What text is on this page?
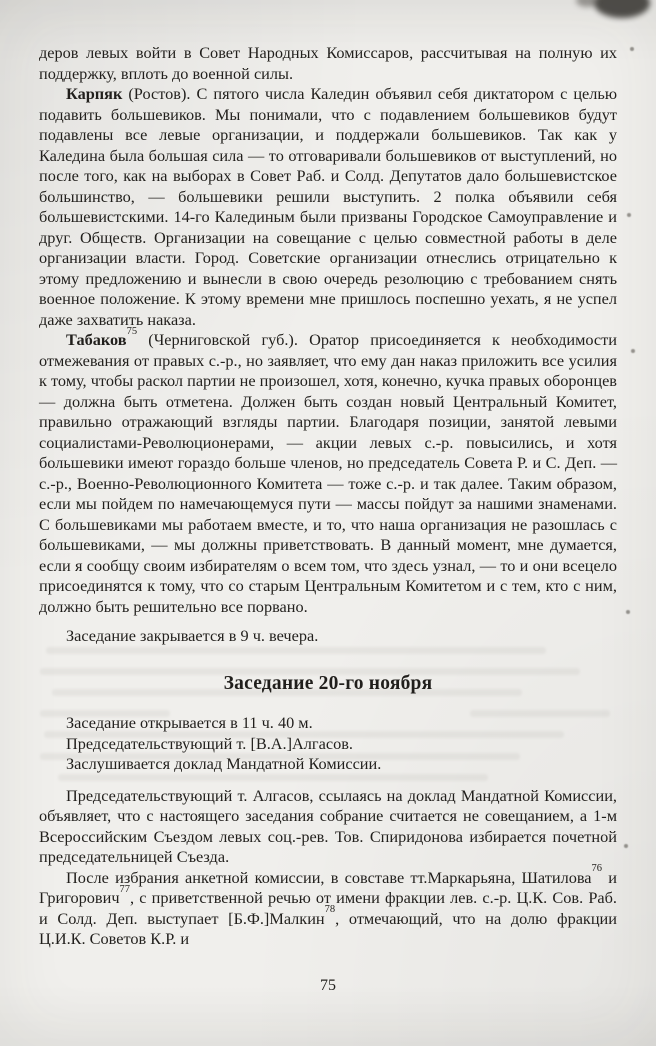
деров левых войти в Совет Народных Комиссаров, рассчитывая на полную их поддержку, вплоть до военной силы.

Карпяк (Ростов). С пятого числа Каледин объявил себя диктатором с целью подавить большевиков. Мы понимали, что с подавлением большевиков будут подавлены все левые организации, и поддержали большевиков. Так как у Каледина была большая сила — то отговаривали большевиков от выступлений, но после того, как на выборах в Совет Раб. и Солд. Депутатов дало большевистское большинство, — большевики решили выступить. 2 полка объявили себя большевистскими. 14-го Калединым были призваны Городское Самоуправление и друг. Обществ. Организации на совещание с целью совместной работы в деле организации власти. Город. Советские организации отнеслись отрицательно к этому предложению и вынесли в свою очередь резолюцию с требованием снять военное положение. К этому времени мне пришлось поспешно уехать, я не успел даже захватить наказа.

Табаков$^{75}$ (Черниговской губ.). Оратор присоединяется к необходимости отмежевания от правых с.-р., но заявляет, что ему дан наказ приложить все усилия к тому, чтобы раскол партии не произошел, хотя, конечно, кучка правых оборонцев — должна быть отметена. Должен быть создан новый Центральный Комитет, правильно отражающий взгляды партии. Благодаря позиции, занятой левыми социалистами-Революционерами, — акции левых с.-р. повысились, и хотя большевики имеют гораздо больше членов, но председатель Совета Р. и С. Деп. — с.-р., Военно-Революционного Комитета — тоже с.-р. и так далее. Таким образом, если мы пойдем по намечающемуся пути — массы пойдут за нашими знаменами. С большевиками мы работаем вместе, и то, что наша организация не разошлась с большевиками, — мы должны приветствовать. В данный момент, мне думается, если я сообщу своим избирателям о всем том, что здесь узнал, — то и они всецело присоединятся к тому, что со старым Центральным Комитетом и с тем, кто с ним, должно быть решительно все порвано.

Заседание закрывается в 9 ч. вечера.

Заседание 20-го ноября

Заседание открывается в 11 ч. 40 м.

Председательствующий т. [В.А.]Алгасов.

Заслушивается доклад Мандатной Комиссии.

Председательствующий т. Алгасов, ссылаясь на доклад Мандатной Комиссии, объявляет, что с настоящего заседания собрание считается не совещанием, а 1-м Всероссийским Съездом левых соц.-рев. Тов. Спиридонова избирается почетной председательницей Съезда.

После избрания анкетной комиссии, в совставе тт.Маркарьяна, Шатилова$^{76}$ и Григорович$^{77}$, с приветственной речью от имени фракции лев. с.-р. Ц.К. Сов. Раб. и Солд. Деп. выступает [Б.Ф.]Малкин$^{78}$, отмечающий, что на долю фракции Ц.И.К. Советов К.Р. и

75
